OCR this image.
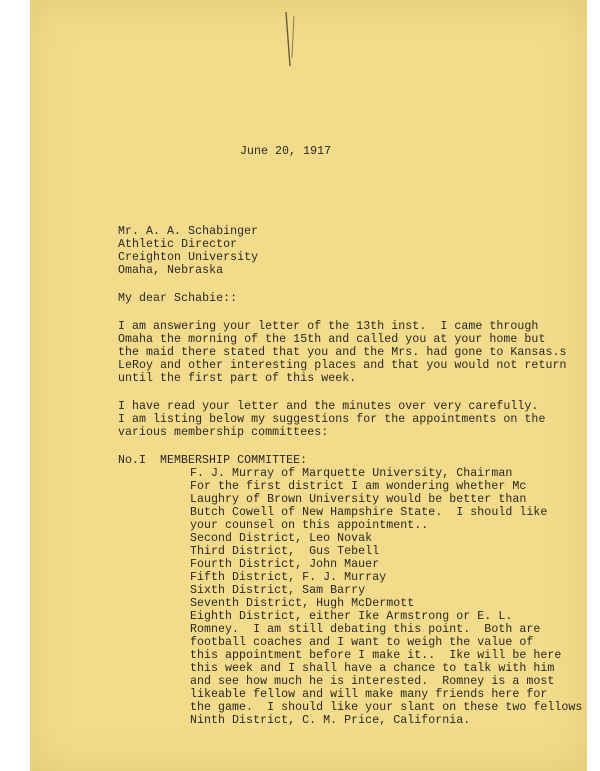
June 20, 1917
Mr. A. A. Schabinger
Athletic Director
Creighton University
Omaha, Nebraska
My dear Schabie::
I am answering your letter of the 13th inst.  I came through
Omaha the morning of the 15th and called you at your home but
the maid there stated that you and the Mrs. had gone to Kansas.s
LeRoy and other interesting places and that you would not return
until the first part of this week.
I have read your letter and the minutes over very carefully.
I am listing below my suggestions for the appointments on the
various membership committees:
No.I MEMBERSHIP COMMITTEE:
F. J. Murray of Marquette University, Chairman
For the first district I am wondering whether Mc
Laughry of Brown University would be better than
Butch Cowell of New Hampshire State.  I should like
your counsel on this appointment..
Second District, Leo Novak
Third District,  Gus Tebell
Fourth District, John Mauer
Fifth District, F. J. Murray
Sixth District, Sam Barry
Seventh District, Hugh McDermott
Eighth District, either Ike Armstrong or E. L.
Romney.  I am still debating this point.  Both are
football coaches and I want to weigh the value of
this appointment before I make it..  Ike will be here
this week and I shall have a chance to talk with him
and see how much he is interested.  Romney is a most
likeable fellow and will make many friends here for
the game.  I should like your slant on these two fellows
Ninth District, C. M. Price, California.
